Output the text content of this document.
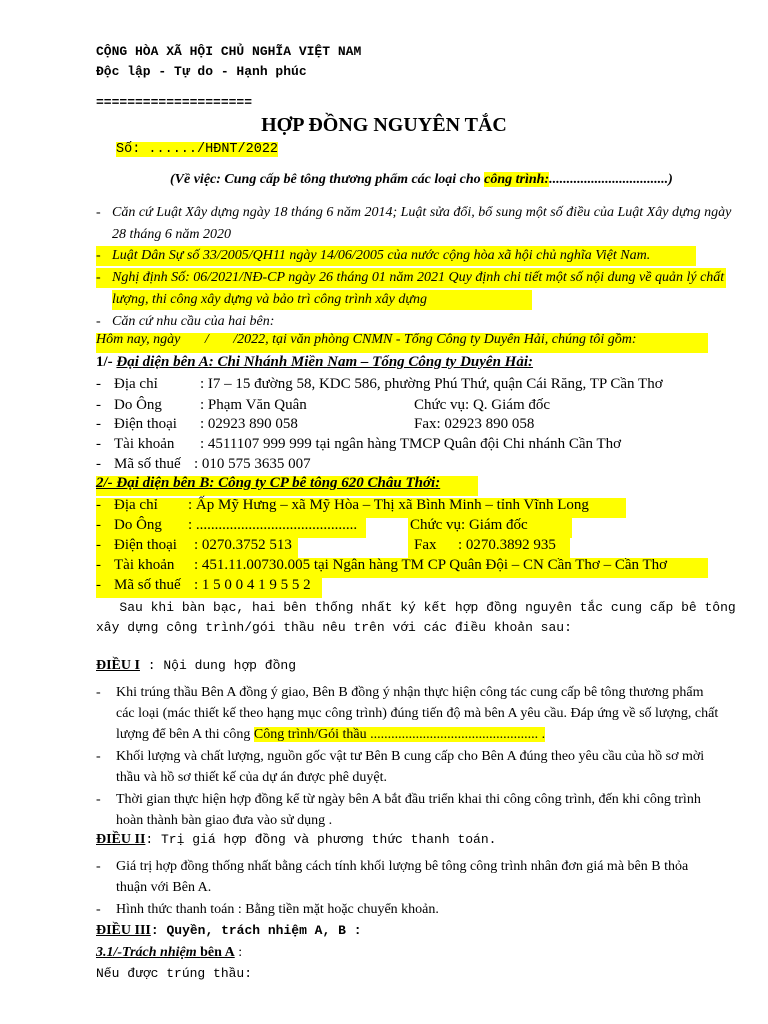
CỘNG HÒA XÃ HỘI CHỦ NGHĨA VIỆT NAM
Độc lập - Tự do - Hạnh phúc
====================
HỢP ĐỒNG NGUYÊN TẮC
Số: ....../HĐNT/2022
(Về việc: Cung cấp bê tông thương phẩm các loại cho công trình:..................................)
- Căn cứ Luật Xây dựng ngày 18 tháng 6 năm 2014; Luật sửa đổi, bổ sung một số điều của Luật Xây dựng ngày 28 tháng 6 năm 2020
- Luật Dân Sự số 33/2005/QH11 ngày 14/06/2005 của nước cộng hòa xã hội chủ nghĩa Việt Nam.
- Nghị định Số: 06/2021/NĐ-CP ngày 26 tháng 01 năm 2021 Quy định chi tiết một số nội dung về quản lý chất lượng, thi công xây dựng và bảo trì công trình xây dựng
- Căn cứ nhu cầu của hai bên:
Hôm nay, ngày       /       /2022, tại văn phòng CNMN - Tổng Công ty Duyên Hải, chúng tôi gồm:
1/- Đại diện bên A: Chi Nhánh Miền Nam – Tổng Công ty Duyên Hải:
- Địa chỉ	: I7 – 15 đường 58, KDC 586, phường Phú Thứ, quận Cái Răng, TP Cần Thơ
- Do Ông	: Phạm Văn Quân	Chức vụ: Q. Giám đốc
- Điện thoại : 02923 890 058	Fax: 02923 890 058
- Tài khoản : 4511107 999 999 tại ngân hàng TMCP Quân đội Chi nhánh Cần Thơ
- Mã số thuế : 010 575 3635 007
2/- Đại diện bên B: Công ty CP bê tông 620 Châu Thới:
- Địa chỉ : Ấp Mỹ Hưng – xã Mỹ Hòa – Thị xã Bình Minh – tỉnh Vĩnh Long
- Do Ông : ...........................................	Chức vụ: Giám đốc
- Điện thoại : 0270.3752 513	Fax : 0270.3892 935
- Tài khoản : 451.11.00730.005 tại Ngân hàng TM CP Quân Đội – CN Cần Thơ – Cần Thơ
- Mã số thuế : 1 5 0 0 4 1 9 5 5 2
Sau khi bàn bạc, hai bên thống nhất ký kết hợp đồng nguyên tắc cung cấp bê tông xây dựng công trình/gói thầu nêu trên với các điều khoản sau:
ĐIỀU I : Nội dung hợp đồng
- Khi trúng thầu Bên A đồng ý giao, Bên B đồng ý nhận thực hiện công tác cung cấp bê tông thương phẩm các loại (mác thiết kế theo hạng mục công trình) đúng tiến độ mà bên A yêu cầu. Đáp ứng về số lượng, chất lượng để bên A thi công Công trình/Gói thầu ................................................ .
- Khối lượng và chất lượng, nguồn gốc vật tư Bên B cung cấp cho Bên A đúng theo yêu cầu của hồ sơ mời thầu và hồ sơ thiết kế của dự án được phê duyệt.
- Thời gian thực hiện hợp đồng kể từ ngày bên A bắt đầu triển khai thi công công trình, đến khi công trình hoàn thành bàn giao đưa vào sử dụng .
ĐIỀU II: Trị giá hợp đồng và phương thức thanh toán.
- Giá trị hợp đồng thống nhất bằng cách tính khối lượng bê tông công trình nhân đơn giá mà bên B thỏa thuận với Bên A.
- Hình thức thanh toán : Bằng tiền mặt hoặc chuyển khoản.
ĐIỀU III: Quyền, trách nhiệm A, B :
3.1/-Trách nhiệm bên A :
Nếu được trúng thầu:
